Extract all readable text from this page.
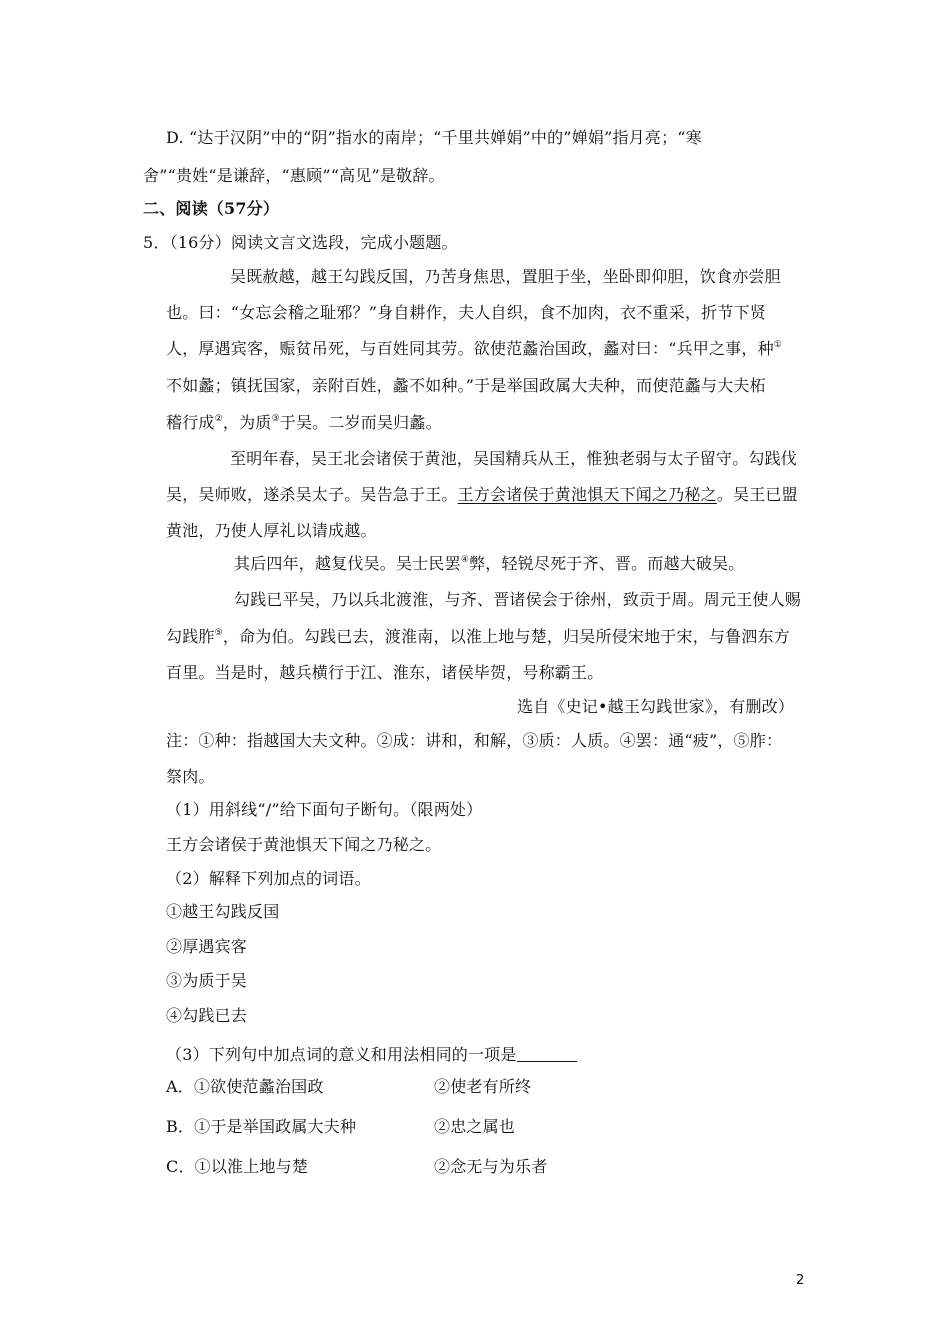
D. “达于汉阴”中的“阴”指水的南岸；“千里共婵娟”中的”婵娟”指月亮；“寒
舍”“贵姓“是谦辞，“惠顾”“高见”是敬辞。
二、阅读（57分）
5．（16分）阅读文言文选段，完成小题题。
吴既赦越，越王勾践反国，乃苦身焦思，置胆于坐，坐卧即仰胆，饮食亦尝胆
也。曰：“女忘会稽之耻邪？”身自耕作，夫人自织，食不加肉，衣不重采，折节下贤
人，厚遇宾客，赈贫吊死，与百姓同其劳。欲使范蠡治国政，蠡对曰：“兵甲之事，种①
不如蠡；镇抚国家，亲附百姓，蠡不如种。”于是举国政属大夫种，而使范蠡与大夫柘
稽行成②，为质③于吴。二岁而吴归蠡。
至明年春，吴王北会诸侯于黄池，吴国精兵从王，惟独老弱与太子留守。勾践伐
吴，吴师败，遂杀吴太子。吴告急于王。王方会诸侯于黄池惧天下闻之乃秘之。吴王已盟
黄池，乃使人厚礼以请成越。
其后四年，越复伐吴。吴士民罢④弊，轻锐尽死于齐、晋。而越大破吴。
勾践已平吴，乃以兵北渡淮，与齐、晋诸侯会于徐州，致贡于周。周元王使人赐
勾践胙⑤，命为伯。勾践已去，渡淮南，以淮上地与楚，归吴所侵宋地于宋，与鲁泗东方
百里。当是时，越兵横行于江、淮东，诸侯毕贺，号称霸王。
选自《史记•越王勾践世家》，有删改）
注：①种：指越国大夫文种。②成：讲和，和解，③质：人质。④罢：通“疲”，⑤胙：
祭肉。
（1）用斜线“/”给下面句子断句。（限两处）
王方会诸侯于黄池惧天下闻之乃秘之。
（2）解释下列加点的词语。
①越王勾践反国
②厚遇宾客
③为质于吴
④勾践已去
（3）下列句中加点词的意义和用法相同的一项是
A．①欲使范蠡治国政	②使老有所终
B．①于是举国政属大夫种	②忠之属也
C．①以淮上地与楚	②念无与为乐者
2
